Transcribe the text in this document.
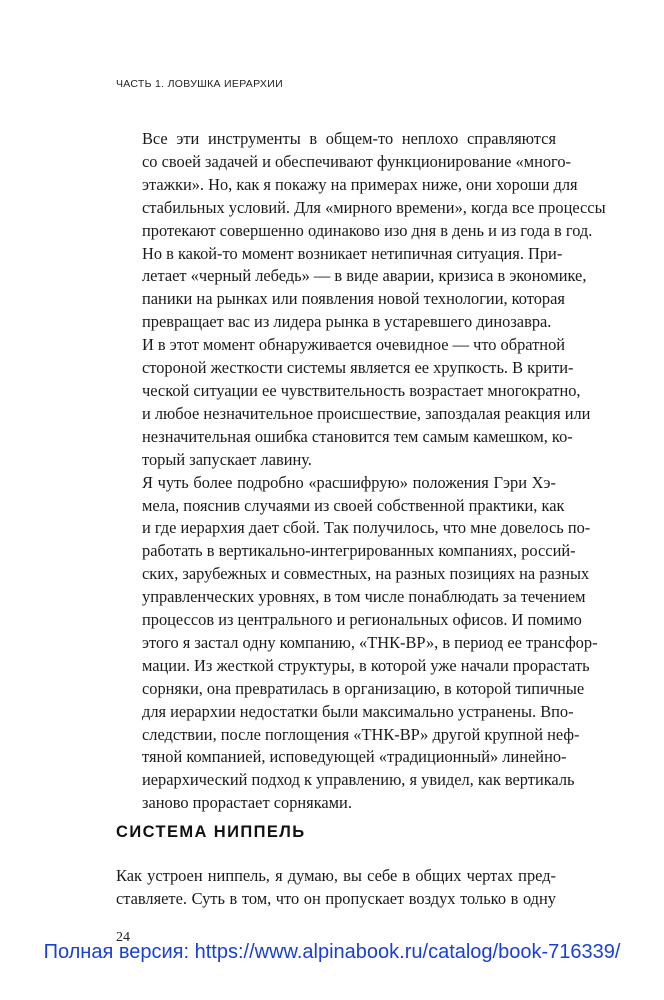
ЧАСТЬ 1. ЛОВУШКА ИЕРАРХИИ

Все эти инструменты в общем-то неплохо справляются
со своей задачей и обеспечивают функционирование «много-
этажки». Но, как я покажу на примерах ниже, они хороши для
стабильных условий. Для «мирного времени», когда все процессы
протекают совершенно одинаково изо дня в день и из года в год.

Но в какой-то момент возникает нетипичная ситуация. При-
летает «черный лебедь» — в виде аварии, кризиса в экономике,
паники на рынках или появления новой технологии, которая
превращает вас из лидера рынка в устаревшего динозавра.

И в этот момент обнаруживается очевидное — что обратной
стороной жесткости системы является ее хрупкость. В крити-
ческой ситуации ее чувствительность возрастает многократно,
и любое незначительное происшествие, запоздалая реакция или
незначительная ошибка становится тем самым камешком, ко-
торый запускает лавину.

Я чуть более подробно «расшифрую» положения Гэри Хэ-
мела, пояснив случаями из своей собственной практики, как
и где иерархия дает сбой. Так получилось, что мне довелось по-
работать в вертикально-интегрированных компаниях, россий-
ских, зарубежных и совместных, на разных позициях на разных
управленческих уровнях, в том числе понаблюдать за течением
процессов из центрального и региональных офисов. И помимо
этого я застал одну компанию, «ТНК-ВР», в период ее трансфор-
мации. Из жесткой структуры, в которой уже начали прорастать
сорняки, она превратилась в организацию, в которой типичные
для иерархии недостатки были максимально устранены. Впо-
следствии, после поглощения «ТНК-ВР» другой крупной неф-
тяной компанией, исповедующей «традиционный» линейно-
иерархический подход к управлению, я увидел, как вертикаль
заново прорастает сорняками.

СИСТЕМА НИППЕЛЬ
Как устроен ниппель, я думаю, вы себе в общих чертах пред-
ставляете. Суть в том, что он пропускает воздух только в одну
24
Полная версия: https://www.alpinabook.ru/catalog/book-716339/
